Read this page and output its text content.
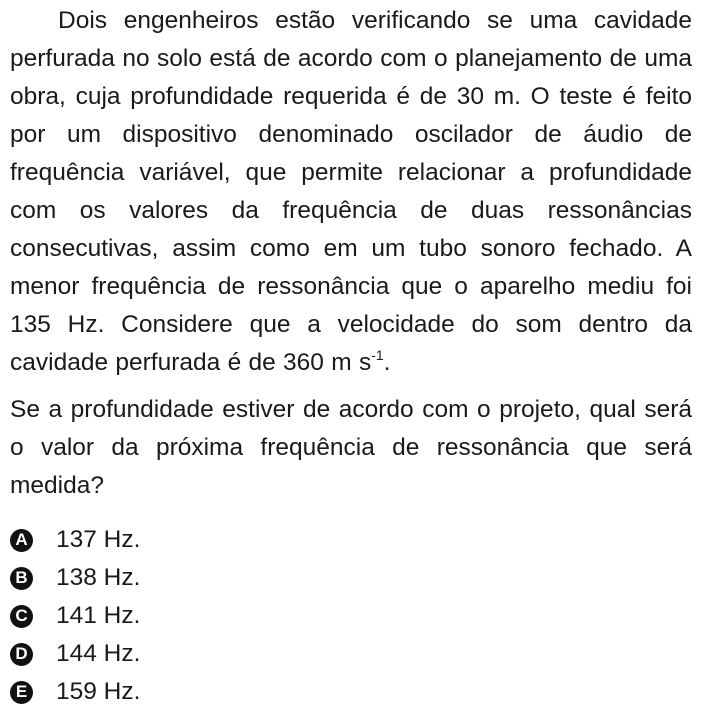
Dois engenheiros estão verificando se uma cavidade perfurada no solo está de acordo com o planejamento de uma obra, cuja profundidade requerida é de 30 m. O teste é feito por um dispositivo denominado oscilador de áudio de frequência variável, que permite relacionar a profundidade com os valores da frequência de duas ressonâncias consecutivas, assim como em um tubo sonoro fechado. A menor frequência de ressonância que o aparelho mediu foi 135 Hz. Considere que a velocidade do som dentro da cavidade perfurada é de 360 m $s^{-1}$.

Se a profundidade estiver de acordo com o projeto, qual será o valor da próxima frequência de ressonância que será medida?

A 137 Hz.
B 138 Hz.
C 141 Hz.
D 144 Hz.
E 159 Hz.
